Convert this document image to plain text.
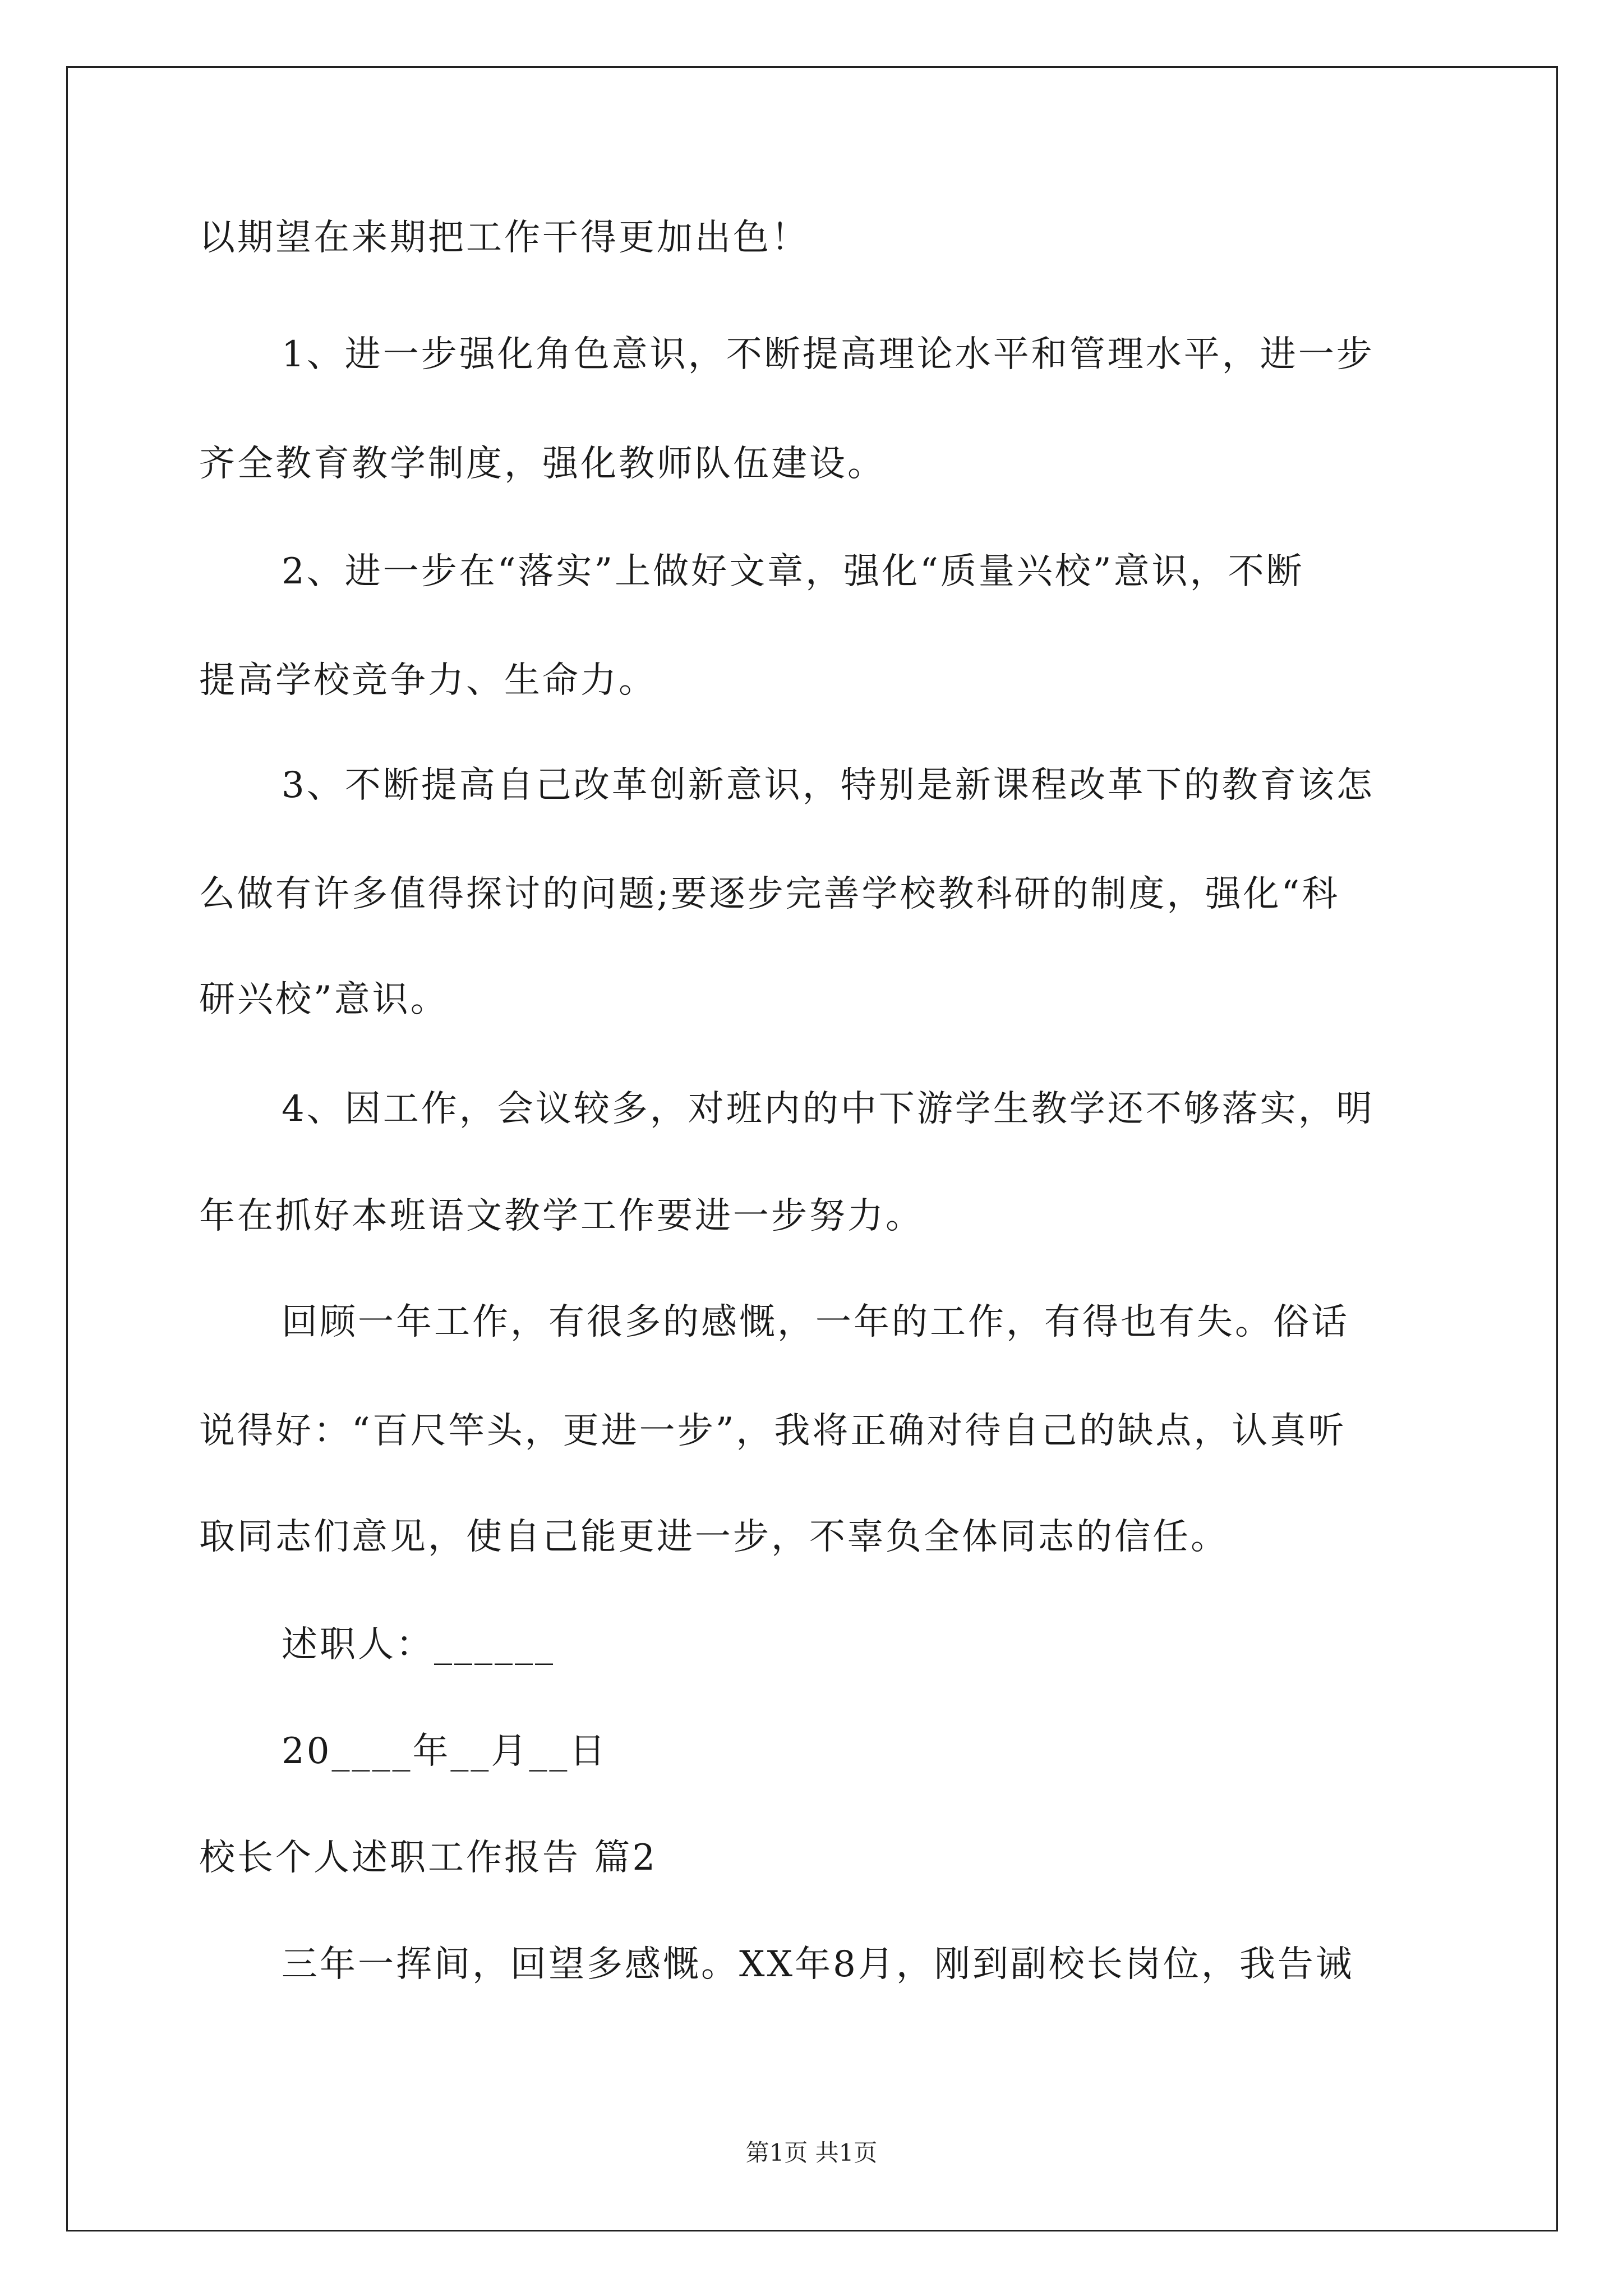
以期望在来期把工作干得更加出色！
1、进一步强化角色意识，不断提高理论水平和管理水平，进一步
齐全教育教学制度，强化教师队伍建设。
2、进一步在“落实”上做好文章，强化“质量兴校”意识，不断
提高学校竞争力、生命力。
3、不断提高自己改革创新意识，特别是新课程改革下的教育该怎
么做有许多值得探讨的问题;要逐步完善学校教科研的制度，强化“科
研兴校”意识。
4、因工作，会议较多，对班内的中下游学生教学还不够落实，明
年在抓好本班语文教学工作要进一步努力。
回顾一年工作，有很多的感慨，一年的工作，有得也有失。俗话
说得好：“百尺竿头，更进一步”，我将正确对待自己的缺点，认真听
取同志们意见，使自己能更进一步，不辜负全体同志的信任。
述职人：______
20____年__月__日
校长个人述职工作报告 篇2
三年一挥间，回望多感慨。XX年8月，刚到副校长岗位，我告诫
第1页 共1页
